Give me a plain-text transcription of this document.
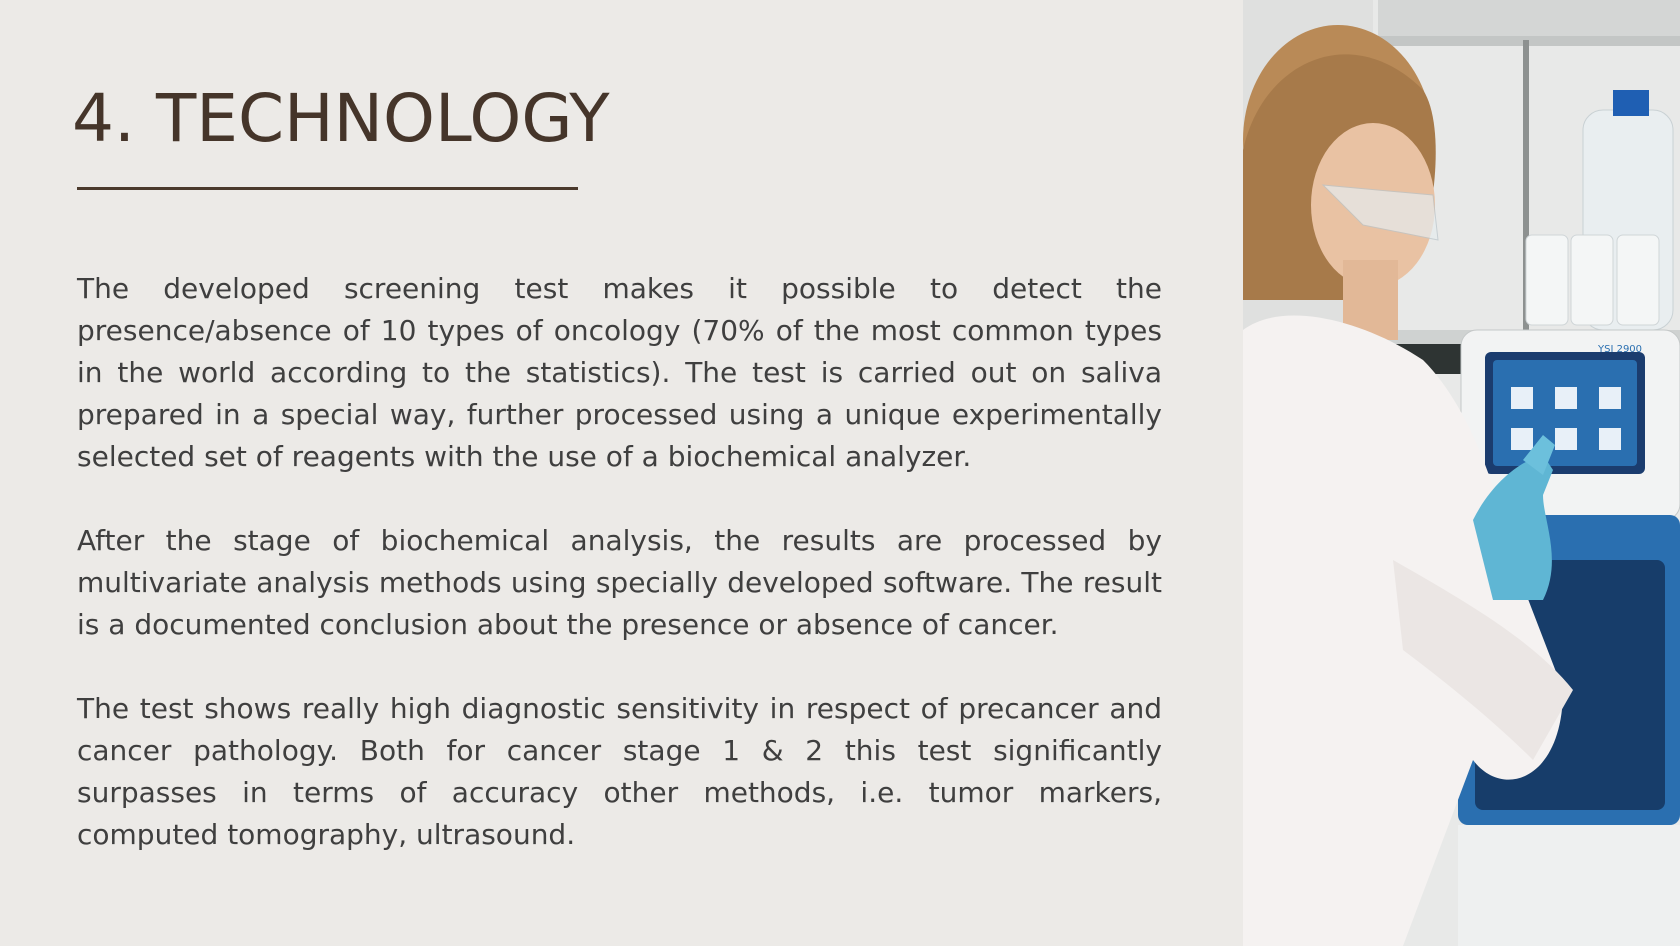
4. TECHNOLOGY

The developed screening test makes it possible to detect the presence/absence of 10 types of oncology (70% of the most common types in the world according to the statistics). The test is carried out on saliva prepared in a special way, further processed using a unique experimentally selected set of reagents with the use of a biochemical analyzer.

After the stage of biochemical analysis, the results are processed by multivariate analysis methods using specially developed software. The result is a documented conclusion about the presence or absence of cancer.

The test shows really high diagnostic sensitivity in respect of precancer and cancer pathology. Both for cancer stage 1 & 2 this test significantly surpasses in terms of accuracy other methods, i.e. tumor markers, computed tomography, ultrasound.

YSI 2900
